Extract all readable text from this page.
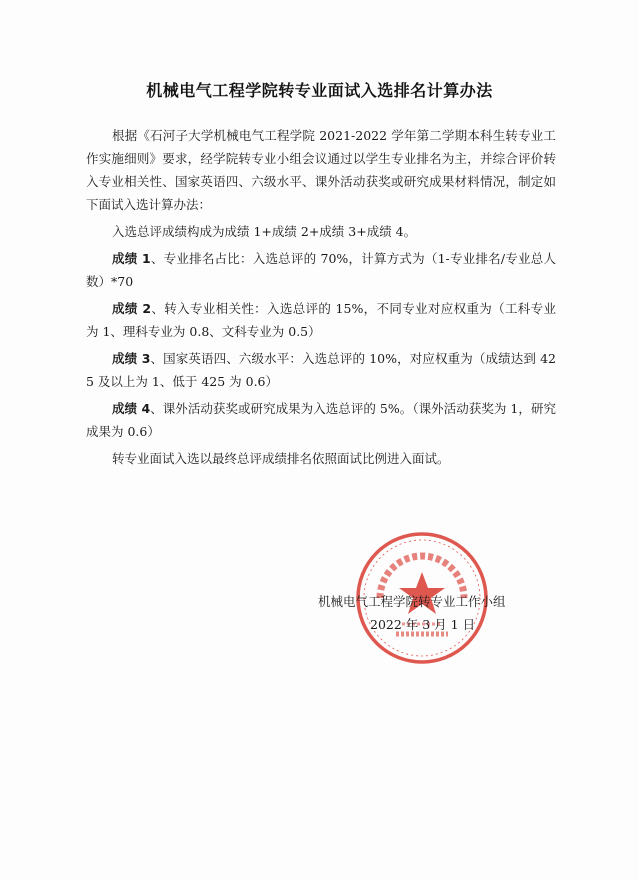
机械电气工程学院转专业面试入选排名计算办法

根据《石河子大学机械电气工程学院 2021-2022 学年第二学期本科生转专业工作实施细则》要求，经学院转专业小组会议通过以学生专业排名为主，并综合评价转入专业相关性、国家英语四、六级水平、课外活动获奖或研究成果材料情况，制定如下面试入选计算办法：

入选总评成绩构成为成绩 1+成绩 2+成绩 3+成绩 4。

成绩 1、专业排名占比：入选总评的 70%，计算方式为（1-专业排名/专业总人数）*70

成绩 2、转入专业相关性：入选总评的 15%，不同专业对应权重为（工科专业为 1、理科专业为 0.8、文科专业为 0.5）

成绩 3、国家英语四、六级水平：入选总评的 10%，对应权重为（成绩达到 425 及以上为 1、低于 425 为 0.6）

成绩 4、课外活动获奖或研究成果为入选总评的 5%。（课外活动获奖为 1，研究成果为 0.6）

转专业面试入选以最终总评成绩排名依照面试比例进入面试。

机械电气工程学院转专业工作小组
2022 年 3 月 1 日
